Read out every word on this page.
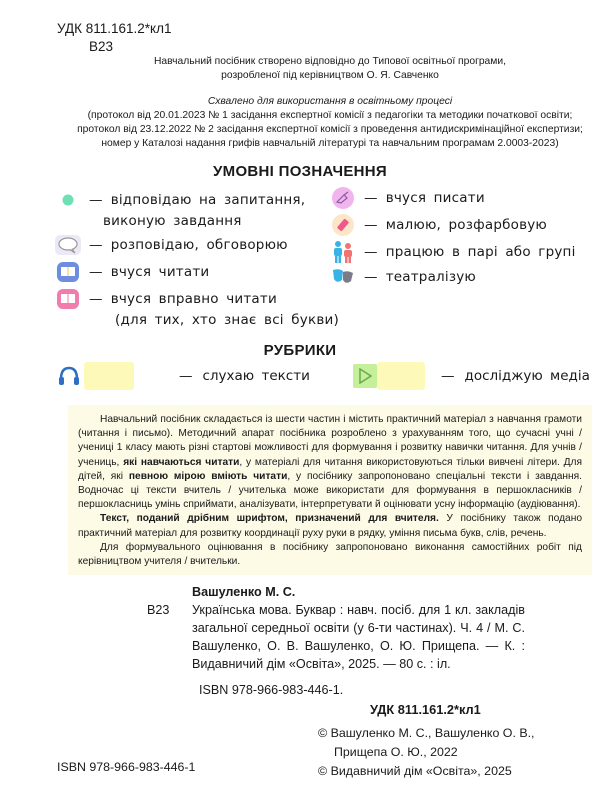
УДК 811.161.2*кл1
В23
Навчальний посібник створено відповідно до Типової освітньої програми,
розробленої під керівництвом О. Я. Савченко
Схвалено для використання в освітньому процесі
(протокол від 20.01.2023 № 1 засідання експертної комісії з педагогіки та методики початкової освіти;
протокол від 23.12.2022 № 2 засідання експертної комісії з проведення антидискримінаційної експертизи;
номер у Каталозі надання грифів навчальній літературі та навчальним програмам 2.0003-2023)
УМОВНІ ПОЗНАЧЕННЯ
— відповідаю на запитання,
виконую завдання
— розповідаю, обговорюю
— вчуся читати
— вчуся вправно читати
(для тих, хто знає всі букви)
— вчуся писати
— малюю, розфарбовую
— працюю в парі або групі
— театралізую
РУБРИКИ
— слухаю тексти	— досліджую медіа

Навчальний посібник складається із шести частин і містить практичний матеріал з навчання грамоти (читання і письмо). Методичний апарат посібника розроблено з урахуванням того, що сучасні учні / учениці 1 класу мають різні стартові можливості для формування і розвитку навички читання. Для учнів / учениць, які навчаються читати, у матеріалі для читання використовуються тільки вивчені літери. Для дітей, які певною мірою вміють читати, у посібнику запропоновано спеціальні тексти і завдання. Водночас ці тексти вчитель / учителька може використати для формування в першокласників / першокласниць умінь сприймати, аналізувати, інтерпретувати й оцінювати усну інформацію (аудіювання).

Текст, поданий дрібним шрифтом, призначений для вчителя. У посібнику також подано практичний матеріал для розвитку координації руху руки в рядку, уміння письма букв, слів, речень.

Для формувального оцінювання в посібнику запропоновано виконання самостійних робіт під керівництвом учителя / вчительки.

Вашуленко М. С.
В23	Українська мова. Буквар : навч. посіб. для 1 кл. закладів загальної середньої освіти (у 6-ти частинах). Ч. 4 / М. С. Вашуленко, О. В. Вашуленко, О. Ю. Прищепа. — К. : Видавничий дім «Освіта», 2025. — 80 с. : іл.
ISBN 978-966-983-446-1.
УДК 811.161.2*кл1
© Вашуленко М. С., Вашуленко О. В.,
Прищепа О. Ю., 2022
© Видавничий дім «Освіта», 2025
ISBN 978-966-983-446-1
